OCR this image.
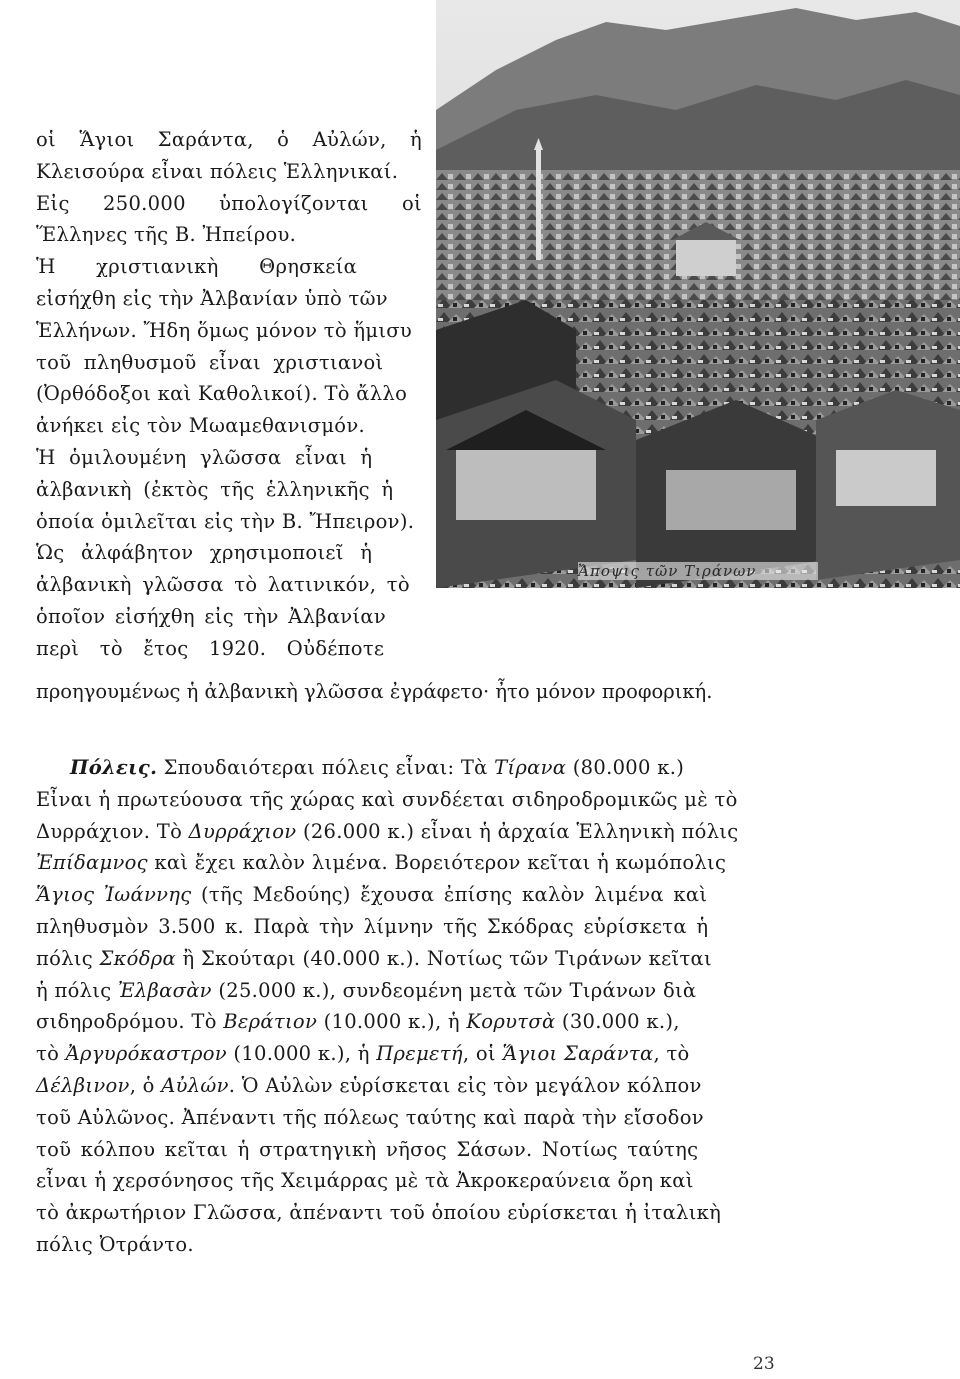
Ἄποψις τῶν Τιράνων
οἱ Ἅγιοι Σαράντα, ὁ Αὐλών, ἡ
Κλεισούρα εἶναι πόλεις Ἑλληνικαί.
Εἰς 250.000 ὑπολογίζονται οἱ
Ἕλληνες τῆς Β. Ἠπείρου.
Ἡ χριστιανικὴ Θρησκεία
εἰσήχθη εἰς τὴν Ἀλβανίαν ὑπὸ τῶν
Ἑλλήνων. Ἤδη ὅμως μόνον τὸ ἥμισυ
τοῦ πληθυσμοῦ εἶναι χριστιανοὶ
(Ὀρθόδοξοι καὶ Καθολικοί). Τὸ ἄλλο
ἀνήκει εἰς τὸν Μωαμεθανισμόν.
Ἡ ὁμιλουμένη γλῶσσα εἶναι ἡ
ἀλβανικὴ (ἐκτὸς τῆς ἑλληνικῆς ἡ
ὁποία ὁμιλεῖται εἰς τὴν Β. Ἤπειρον).
Ὡς ἀλφάβητον χρησιμοποιεῖ ἡ
ἀλβανικὴ γλῶσσα τὸ λατινικόν, τὸ
ὁποῖον εἰσήχθη εἰς τὴν Ἀλβανίαν
περὶ τὸ ἔτος 1920. Οὐδέποτε
προηγουμένως ἡ ἀλβανικὴ γλῶσσα ἐγράφετο· ἦτο μόνον προφορική.
Πόλεις. Σπουδαιότεραι πόλεις εἶναι: Τὰ Τίρανα (80.000 κ.)
Εἶναι ἡ πρωτεύουσα τῆς χώρας καὶ συνδέεται σιδηροδρομικῶς μὲ τὸ
Δυρράχιον. Τὸ Δυρράχιον (26.000 κ.) εἶναι ἡ ἀρχαία Ἑλληνικὴ πόλις
Ἐπίδαμνος καὶ ἔχει καλὸν λιμένα. Βορειότερον κεῖται ἡ κωμόπολις
Ἅγιος Ἰωάννης (τῆς Μεδούης) ἔχουσα ἐπίσης καλὸν λιμένα καὶ
πληθυσμὸν 3.500 κ. Παρὰ τὴν λίμνην τῆς Σκόδρας εὑρίσκετα ἡ
πόλις Σκόδρα ἢ Σκούταρι (40.000 κ.). Νοτίως τῶν Τιράνων κεῖται
ἡ πόλις Ἐλβασὰν (25.000 κ.), συνδεομένη μετὰ τῶν Τιράνων διὰ
σιδηροδρόμου. Τὸ Βεράτιον (10.000 κ.), ἡ Κορυτσὰ (30.000 κ.),
τὸ Ἀργυρόκαστρον (10.000 κ.), ἡ Πρεμετή, οἱ Ἅγιοι Σαράντα, τὸ
Δέλβινον, ὁ Αὐλών. Ὁ Αὐλὼν εὑρίσκεται εἰς τὸν μεγάλον κόλπον
τοῦ Αὐλῶνος. Ἀπέναντι τῆς πόλεως ταύτης καὶ παρὰ τὴν εἴσοδον
τοῦ κόλπου κεῖται ἡ στρατηγικὴ νῆσος Σάσων. Νοτίως ταύτης
εἶναι ἡ χερσόνησος τῆς Χειμάρρας μὲ τὰ Ἀκροκεραύνεια ὄρη καὶ
τὸ ἀκρωτήριον Γλῶσσα, ἀπέναντι τοῦ ὁποίου εὑρίσκεται ἡ ἰταλικὴ
πόλις Ὀτράντο.
23
